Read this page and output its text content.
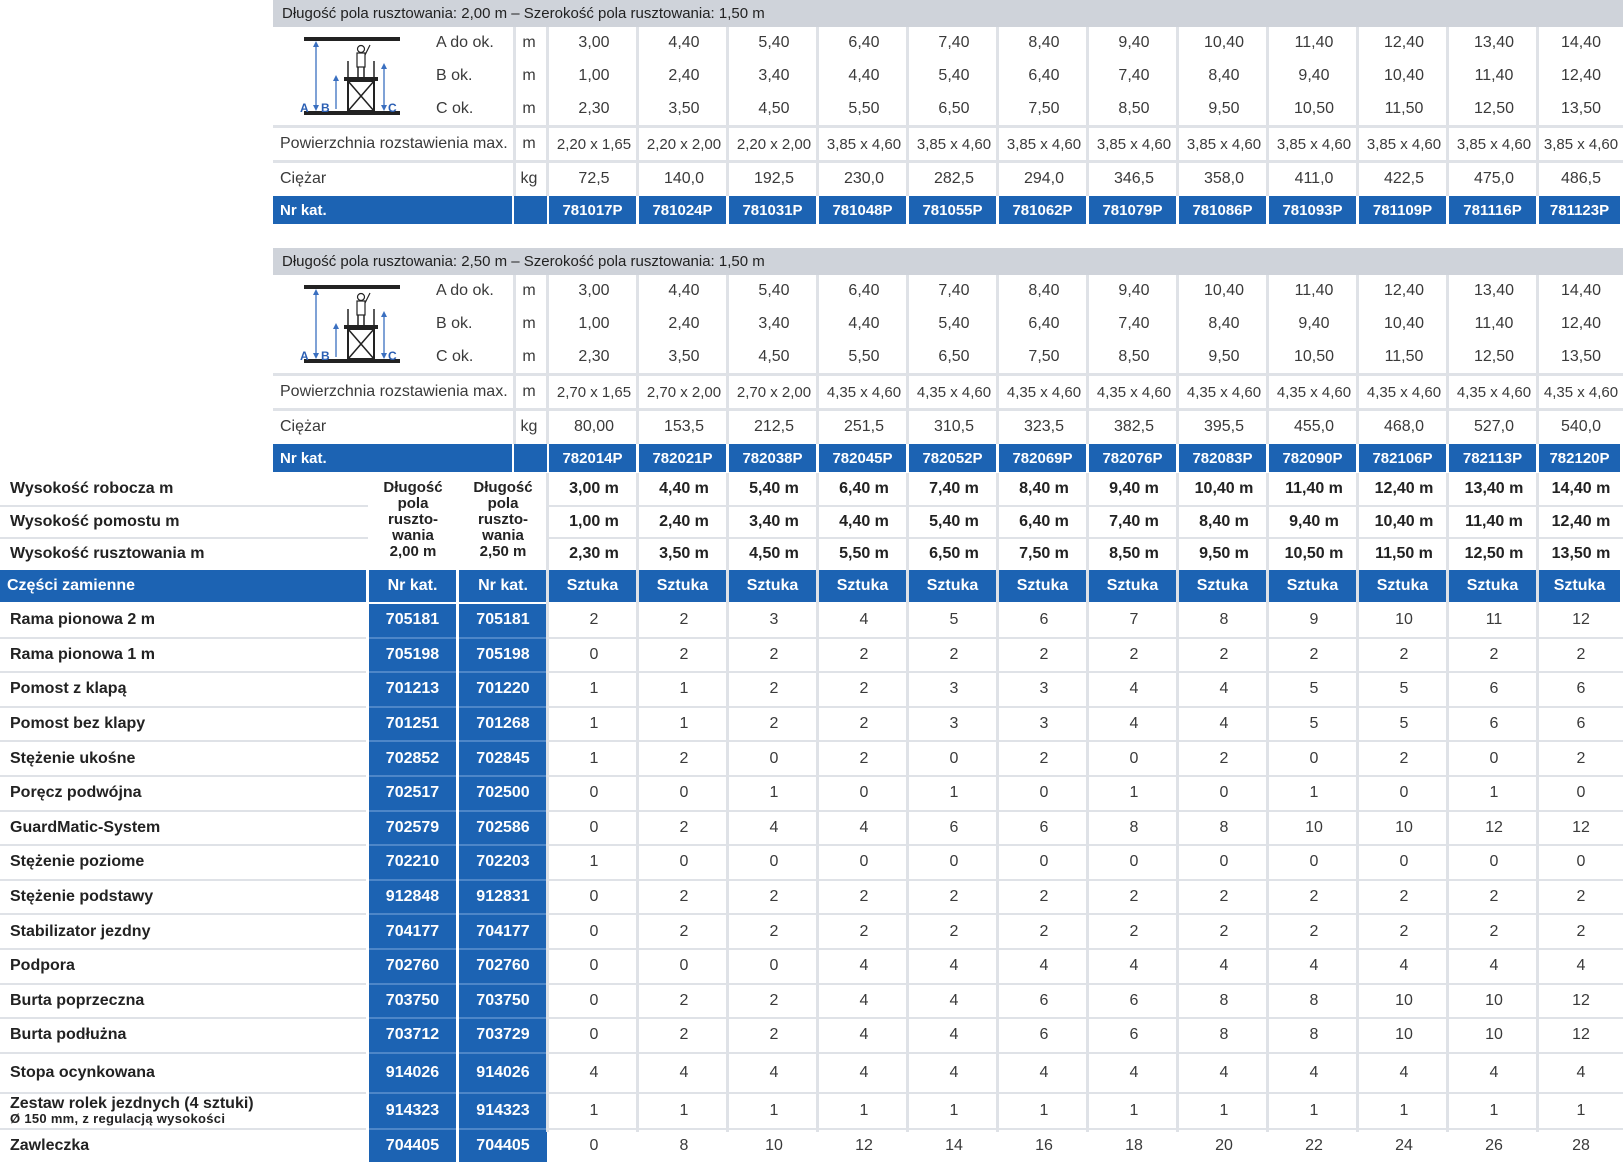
Długość pola rusztowania: 2,00 m – Szerokość pola rusztowania: 1,50 m
A B	C
A do ok.	m	3,00	4,40	5,40	6,40	7,40	8,40	9,40	10,40	11,40	12,40	13,40	14,40
B ok.	m	1,00	2,40	3,40	4,40	5,40	6,40	7,40	8,40	9,40	10,40	11,40	12,40
C ok.	m	2,30	3,50	4,50	5,50	6,50	7,50	8,50	9,50	10,50	11,50	12,50	13,50
Powierzchnia rozstawienia max. m	2,20 x 1,65	2,20 x 2,00	2,20 x 2,00	3,85 x 4,60	3,85 x 4,60	3,85 x 4,60	3,85 x 4,60	3,85 x 4,60	3,85 x 4,60	3,85 x 4,60	3,85 x 4,60 3,85 x 4,60
Ciężar	kg	72,5	140,0	192,5	230,0	282,5	294,0	346,5	358,0	411,0	422,5	475,0	486,5
Nr kat.	781017P	781024P	781031P	781048P	781055P	781062P	781079P	781086P	781093P	781109P	781116P	781123P
Długość pola rusztowania: 2,50 m – Szerokość pola rusztowania: 1,50 m
A B	C
A do ok.	m	3,00	4,40	5,40	6,40	7,40	8,40	9,40	10,40	11,40	12,40	13,40	14,40
B ok.	m	1,00	2,40	3,40	4,40	5,40	6,40	7,40	8,40	9,40	10,40	11,40	12,40
C ok.	m	2,30	3,50	4,50	5,50	6,50	7,50	8,50	9,50	10,50	11,50	12,50	13,50
Powierzchnia rozstawienia max. m	2,70 x 1,65	2,70 x 2,00	2,70 x 2,00	4,35 x 4,60	4,35 x 4,60	4,35 x 4,60	4,35 x 4,60	4,35 x 4,60	4,35 x 4,60	4,35 x 4,60	4,35 x 4,60 4,35 x 4,60
Ciężar	kg	80,00	153,5	212,5	251,5	310,5	323,5	382,5	395,5	455,0	468,0	527,0	540,0
Nr kat.	782014P	782021P	782038P	782045P	782052P	782069P	782076P	782083P	782090P	782106P	782113P	782120P
Wysokość robocza m	3,00 m	4,40 m	5,40 m	6,40 m	7,40 m	8,40 m	9,40 m	10,40 m	11,40 m	12,40 m	13,40 m	14,40 m
Wysokość pomostu m	1,00 m	2,40 m	3,40 m	4,40 m	5,40 m	6,40 m	7,40 m	8,40 m	9,40 m	10,40 m	11,40 m	12,40 m
Wysokość rusztowania m	2,30 m	3,50 m	4,50 m	5,50 m	6,50 m	7,50 m	8,50 m	9,50 m	10,50 m	11,50 m	12,50 m	13,50 m
Długość
pola
ruszto-
wania
2,00 m
Długość
pola
ruszto-
wania
2,50 m
Części zamienne	Nr kat.	Nr kat.	Sztuka	Sztuka	Sztuka	Sztuka	Sztuka	Sztuka	Sztuka	Sztuka	Sztuka	Sztuka	Sztuka	Sztuka
Rama pionowa 2 m	705181	705181	2	2	3	4	5	6	7	8	9	10	11	12
Rama pionowa 1 m	705198	705198	0	2	2	2	2	2	2	2	2	2	2	2
Pomost z klapą	701213	701220	1	1	2	2	3	3	4	4	5	5	6	6
Pomost bez klapy	701251	701268	1	1	2	2	3	3	4	4	5	5	6	6
Stężenie ukośne	702852	702845	1	2	0	2	0	2	0	2	0	2	0	2
Poręcz podwójna	702517	702500	0	0	1	0	1	0	1	0	1	0	1	0
GuardMatic-System	702579	702586	0	2	4	4	6	6	8	8	10	10	12	12
Stężenie poziome	702210	702203	1	0	0	0	0	0	0	0	0	0	0	0
Stężenie podstawy	912848	912831	0	2	2	2	2	2	2	2	2	2	2	2
Stabilizator jezdny	704177	704177	0	2	2	2	2	2	2	2	2	2	2	2
Podpora	702760	702760	0	0	0	4	4	4	4	4	4	4	4	4
Burta poprzeczna	703750	703750	0	2	2	4	4	6	6	8	8	10	10	12
Burta podłużna	703712	703729	0	2	2	4	4	6	6	8	8	10	10	12
Stopa ocynkowana	914026	914026	4	4	4	4	4	4	4	4	4	4	4	4
Zestaw rolek jezdnych (4 sztuki)
Ø 150 mm, z regulacją wysokości	914323	914323	1	1	1	1	1	1	1	1	1	1	1	1
Zawleczka	704405	704405	0	8	10	12	14	16	18	20	22	24	26	28
